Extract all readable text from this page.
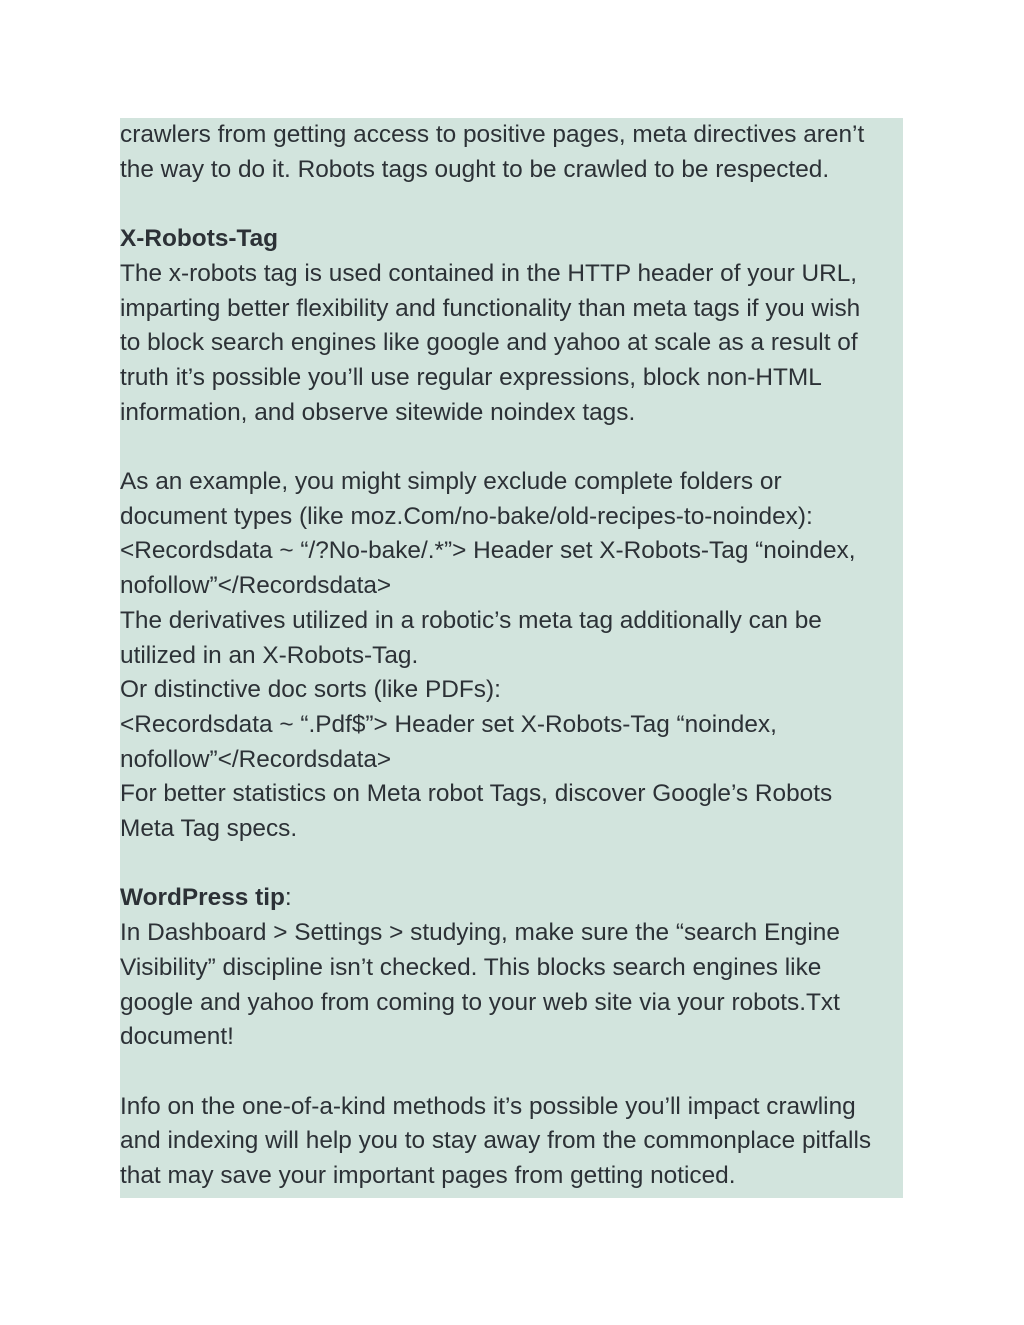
crawlers from getting access to positive pages, meta directives aren’t
the way to do it. Robots tags ought to be crawled to be respected.
X-Robots-Tag
The x-robots tag is used contained in the HTTP header of your URL,
imparting better flexibility and functionality than meta tags if you wish
to block search engines like google and yahoo at scale as a result of
truth it’s possible you’ll use regular expressions, block non-HTML
information, and observe sitewide noindex tags.
As an example, you might simply exclude complete folders or
document types (like moz.Com/no-bake/old-recipes-to-noindex):
<Recordsdata ~ “/?No-bake/.*”> Header set X-Robots-Tag “noindex,
nofollow”</Recordsdata>
The derivatives utilized in a robotic’s meta tag additionally can be
utilized in an X-Robots-Tag.
Or distinctive doc sorts (like PDFs):
<Recordsdata ~ “.Pdf$”> Header set X-Robots-Tag “noindex,
nofollow”</Recordsdata>
For better statistics on Meta robot Tags, discover Google’s Robots
Meta Tag specs.
WordPress tip:
In Dashboard > Settings > studying, make sure the “search Engine
Visibility” discipline isn’t checked. This blocks search engines like
google and yahoo from coming to your web site via your robots.Txt
document!
Info on the one-of-a-kind methods it’s possible you’ll impact crawling
and indexing will help you to stay away from the commonplace pitfalls
that may save your important pages from getting noticed.
